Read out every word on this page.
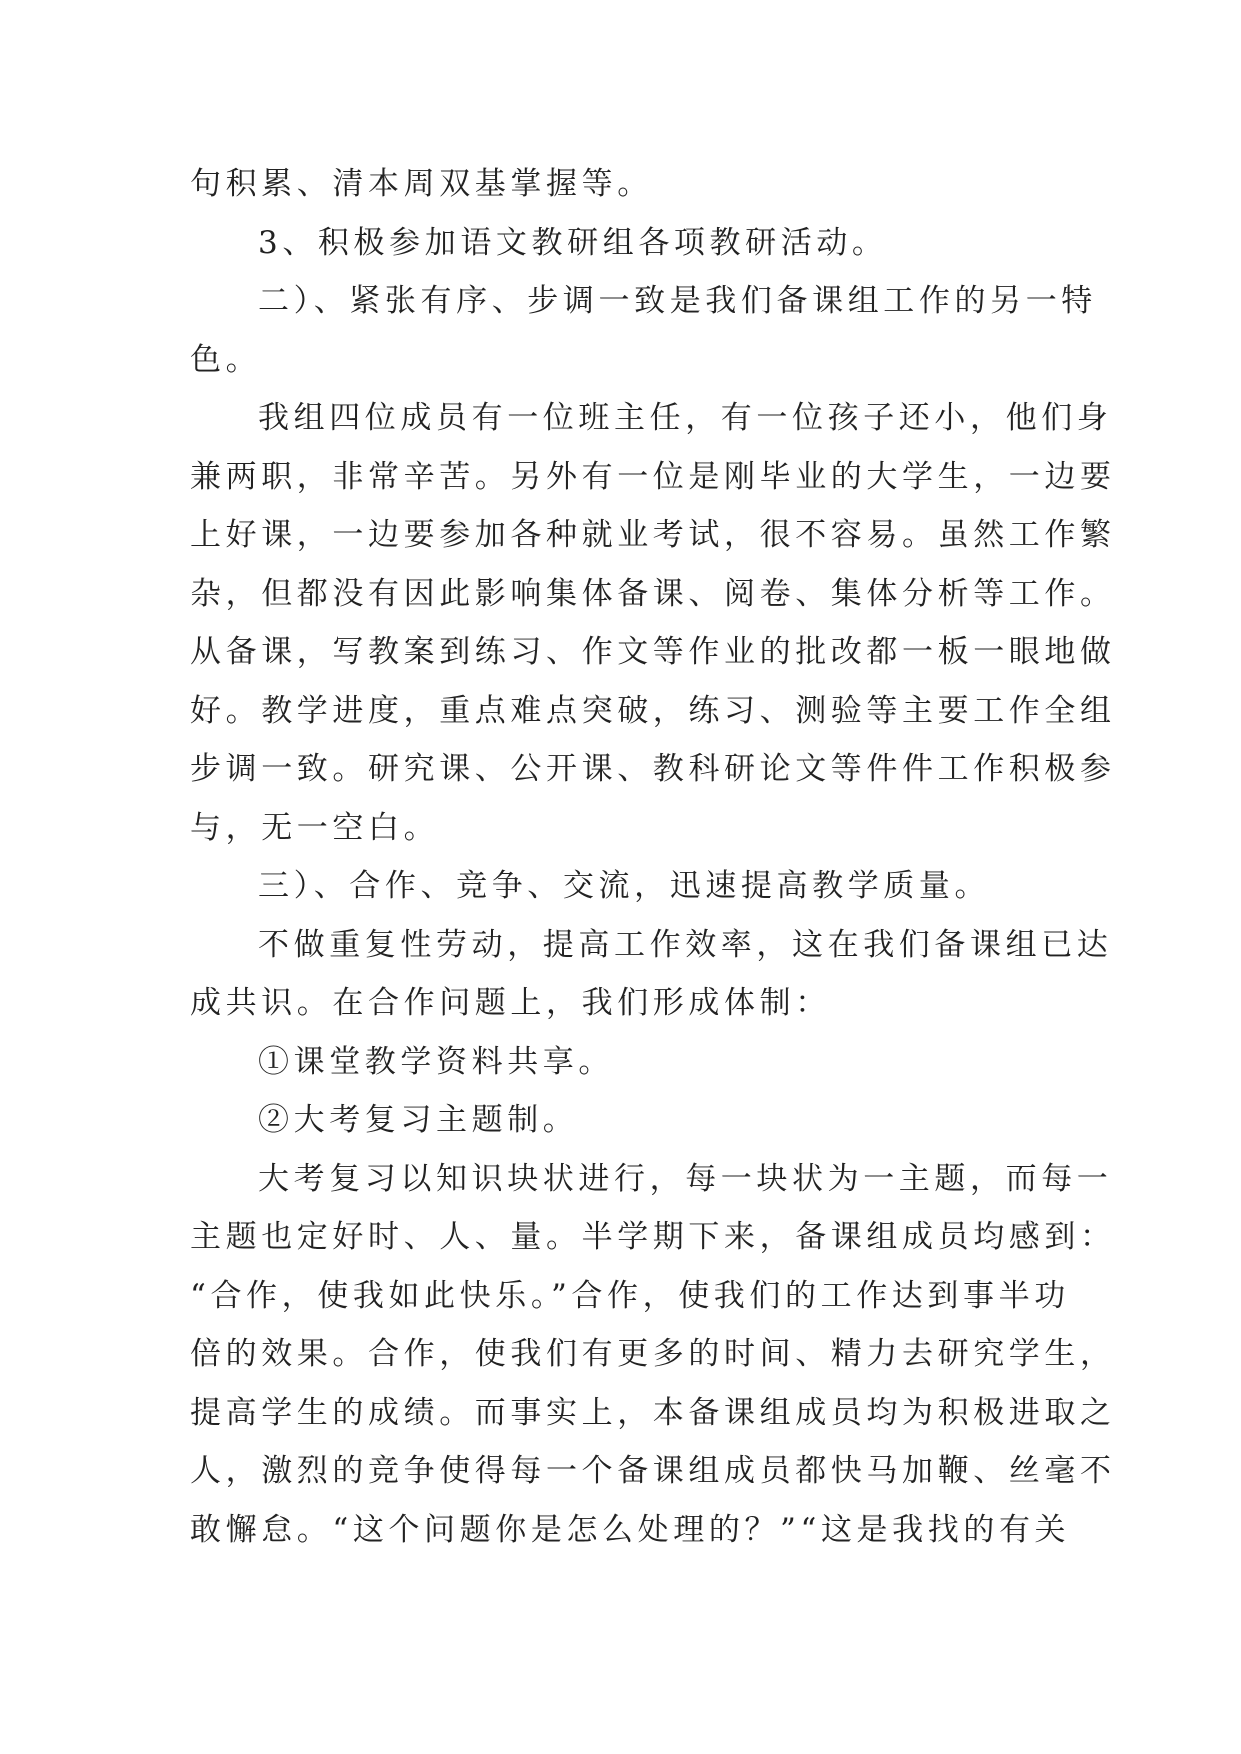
句积累、清本周双基掌握等。
3、积极参加语文教研组各项教研活动。
二）、紧张有序、步调一致是我们备课组工作的另一特
色。
我组四位成员有一位班主任，有一位孩子还小，他们身
兼两职，非常辛苦。另外有一位是刚毕业的大学生，一边要
上好课，一边要参加各种就业考试，很不容易。虽然工作繁
杂，但都没有因此影响集体备课、阅卷、集体分析等工作。
从备课，写教案到练习、作文等作业的批改都一板一眼地做
好。教学进度，重点难点突破，练习、测验等主要工作全组
步调一致。研究课、公开课、教科研论文等件件工作积极参
与，无一空白。
三）、合作、竞争、交流，迅速提高教学质量。
不做重复性劳动，提高工作效率，这在我们备课组已达
成共识。在合作问题上，我们形成体制：
①课堂教学资料共享。
②大考复习主题制。
大考复习以知识块状进行，每一块状为一主题，而每一
主题也定好时、人、量。半学期下来，备课组成员均感到：
“合作，使我如此快乐。”合作，使我们的工作达到事半功
倍的效果。合作，使我们有更多的时间、精力去研究学生，
提高学生的成绩。而事实上，本备课组成员均为积极进取之
人，激烈的竞争使得每一个备课组成员都快马加鞭、丝毫不
敢懈怠。“这个问题你是怎么处理的？”“这是我找的有关
